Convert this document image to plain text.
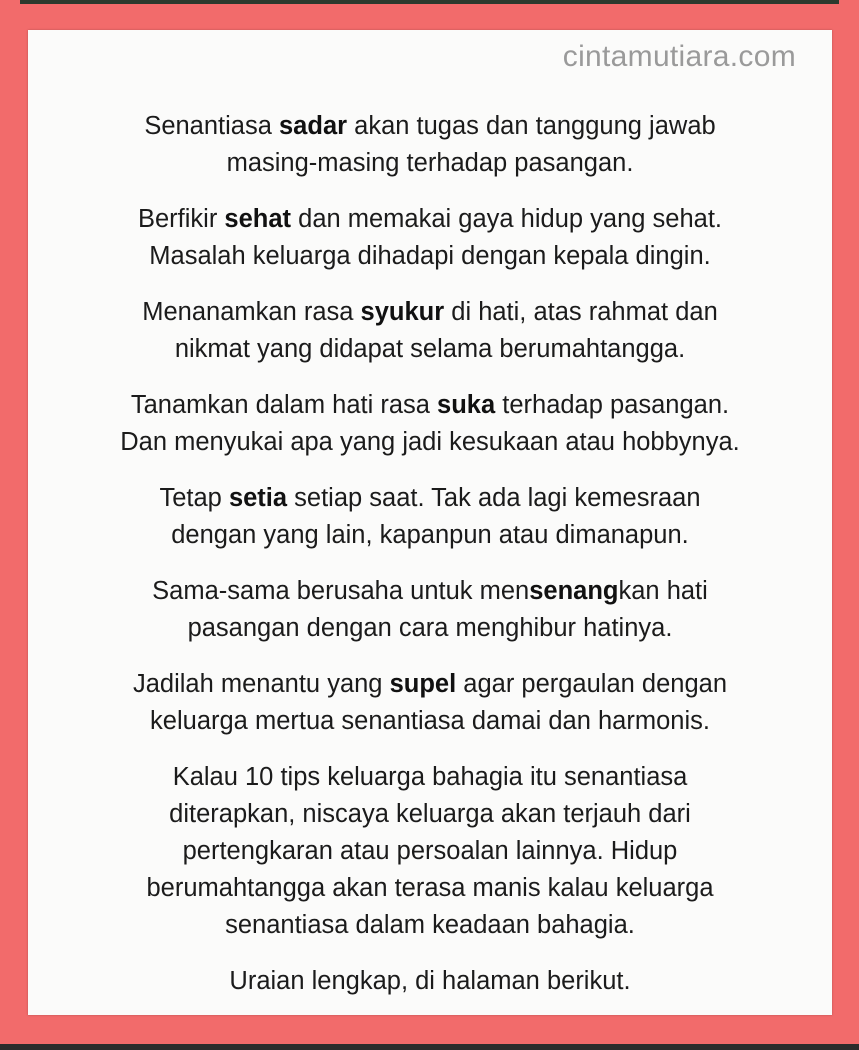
cintamutiara.com

Senantiasa sadar akan tugas dan tanggung jawab
masing-masing terhadap pasangan.

Berfikir sehat dan memakai gaya hidup yang sehat.
Masalah keluarga dihadapi dengan kepala dingin.

Menanamkan rasa syukur di hati, atas rahmat dan
nikmat yang didapat selama berumahtangga.

Tanamkan dalam hati rasa suka terhadap pasangan.
Dan menyukai apa yang jadi kesukaan atau hobbynya.

Tetap setia setiap saat. Tak ada lagi kemesraan
dengan yang lain, kapanpun atau dimanapun.

Sama-sama berusaha untuk mensenangkan hati
pasangan dengan cara menghibur hatinya.

Jadilah menantu yang supel agar pergaulan dengan
keluarga mertua senantiasa damai dan harmonis.

Kalau 10 tips keluarga bahagia itu senantiasa
diterapkan, niscaya keluarga akan terjauh dari
pertengkaran atau persoalan lainnya. Hidup
berumahtangga akan terasa manis kalau keluarga
senantiasa dalam keadaan bahagia.

Uraian lengkap, di halaman berikut.
